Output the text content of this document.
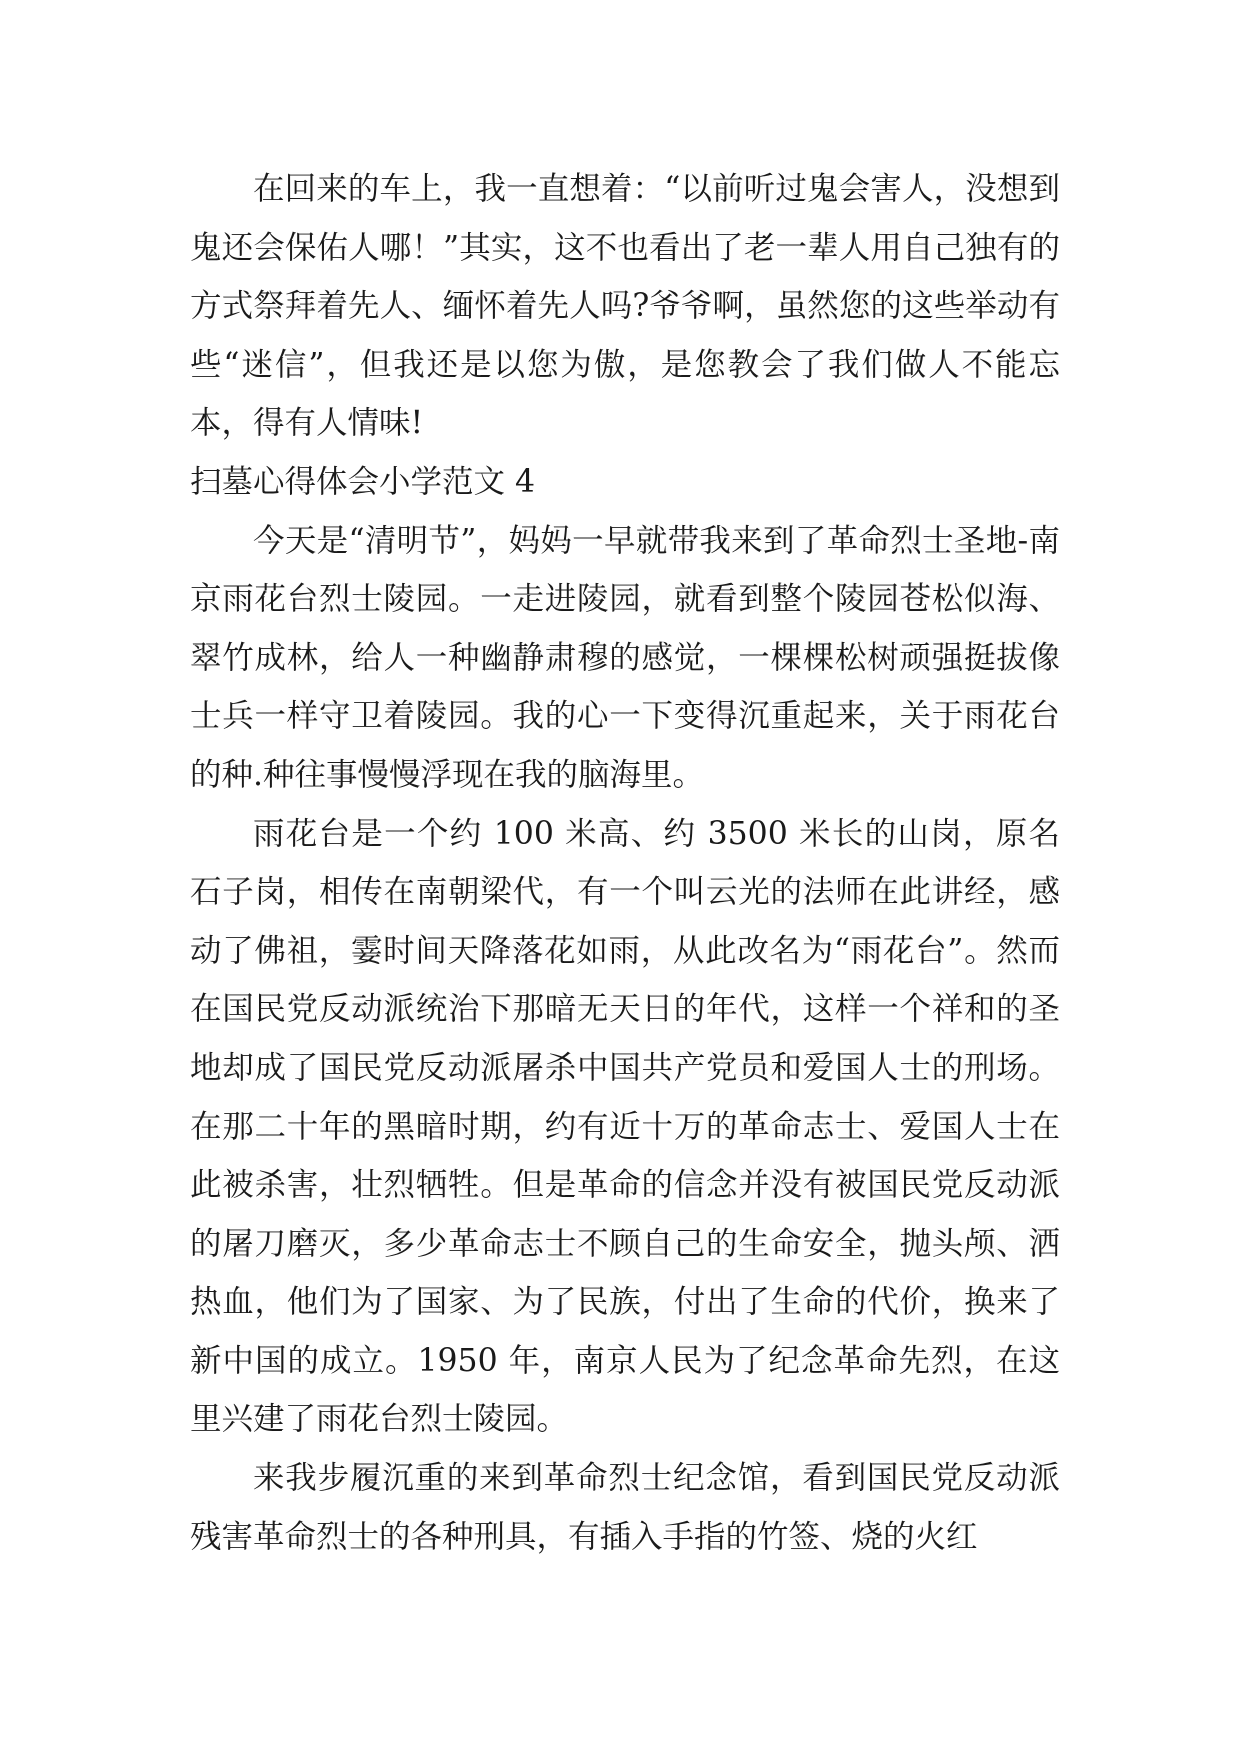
在回来的车上，我一直想着：“以前听过鬼会害人，没想到鬼还会保佑人哪！”其实，这不也看出了老一辈人用自己独有的方式祭拜着先人、缅怀着先人吗?爷爷啊，虽然您的这些举动有些“迷信”，但我还是以您为傲，是您教会了我们做人不能忘本，得有人情味!

扫墓心得体会小学范文 4

今天是“清明节”，妈妈一早就带我来到了革命烈士圣地-南京雨花台烈士陵园。一走进陵园，就看到整个陵园苍松似海、翠竹成林，给人一种幽静肃穆的感觉，一棵棵松树顽强挺拔像士兵一样守卫着陵园。我的心一下变得沉重起来，关于雨花台的种.种往事慢慢浮现在我的脑海里。

雨花台是一个约 100 米高、约 3500 米长的山岗，原名石子岗，相传在南朝梁代，有一个叫云光的法师在此讲经，感动了佛祖，霎时间天降落花如雨，从此改名为“雨花台”。然而在国民党反动派统治下那暗无天日的年代，这样一个祥和的圣地却成了国民党反动派屠杀中国共产党员和爱国人士的刑场。在那二十年的黑暗时期，约有近十万的革命志士、爱国人士在此被杀害，壮烈牺牲。但是革命的信念并没有被国民党反动派的屠刀磨灭，多少革命志士不顾自己的生命安全，抛头颅、洒热血，他们为了国家、为了民族，付出了生命的代价，换来了新中国的成立。1950 年，南京人民为了纪念革命先烈，在这里兴建了雨花台烈士陵园。

来我步履沉重的来到革命烈士纪念馆，看到国民党反动派残害革命烈士的各种刑具，有插入手指的竹签、烧的火红
